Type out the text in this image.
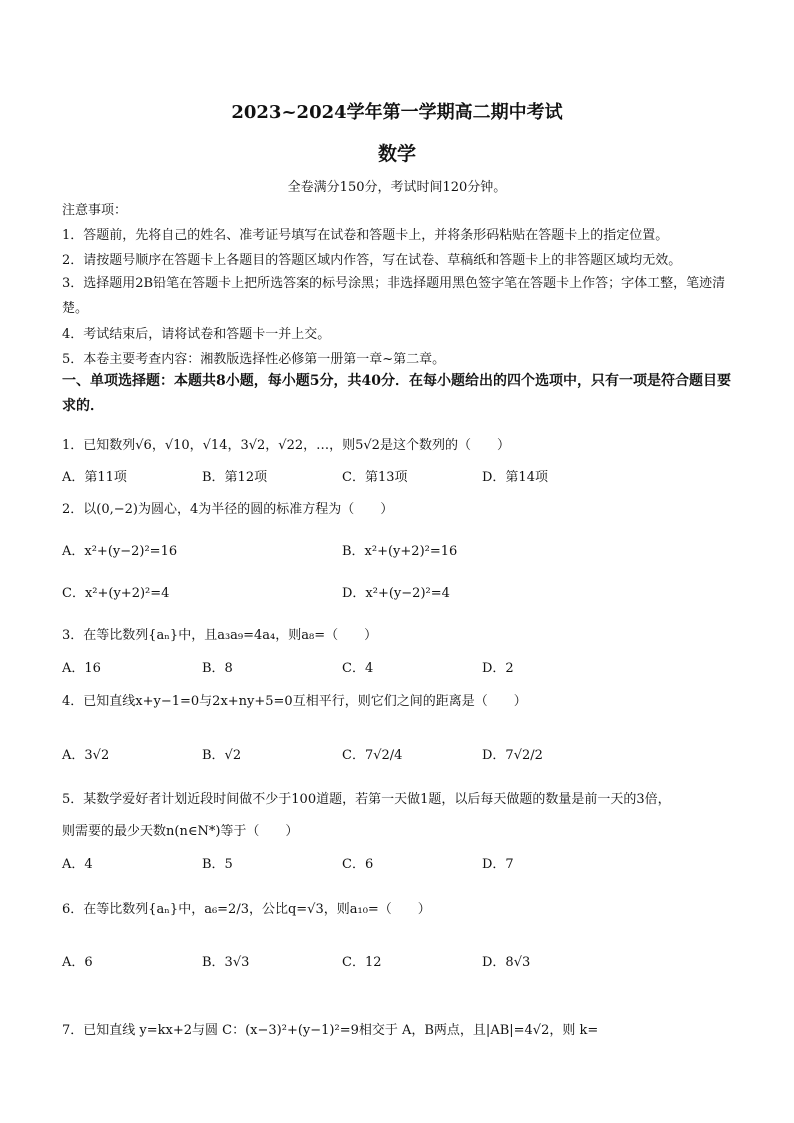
2023~2024学年第一学期高二期中考试
数学
全卷满分150分，考试时间120分钟。
注意事项：
1．答题前，先将自己的姓名、准考证号填写在试卷和答题卡上，并将条形码粘贴在答题卡上的指定位置。
2．请按题号顺序在答题卡上各题目的答题区域内作答，写在试卷、草稿纸和答题卡上的非答题区域均无效。
3．选择题用2B铅笔在答题卡上把所选答案的标号涂黑；非选择题用黑色签字笔在答题卡上作答；字体工整，笔迹清楚。
4．考试结束后，请将试卷和答题卡一并上交。
5．本卷主要考查内容：湘教版选择性必修第一册第一章~第二章。
一、单项选择题：本题共8小题，每小题5分，共40分．在每小题给出的四个选项中，只有一项是符合题目要求的．
1．已知数列√6，√10，√14，3√2，√22，…，则5√2是这个数列的（　　）
A．第11项	B．第12项	C．第13项	D．第14项
2．以(0,−2)为圆心，4为半径的圆的标准方程为（　　）
A．x²+(y−2)²=16	B．x²+(y+2)²=16
C．x²+(y+2)²=4	D．x²+(y−2)²=4
3．在等比数列{aₙ}中，且a₃a₉=4a₄，则a₈=（　　）
A．16	B．8	C．4	D．2
4．已知直线x+y−1=0与2x+ny+5=0互相平行，则它们之间的距离是（　　）
A．3√2	B．√2	C．7√2/4	D．7√2/2
5．某数学爱好者计划近段时间做不少于100道题，若第一天做1题，以后每天做题的数量是前一天的3倍，
则需要的最少天数n(n∈N*)等于（　　）
A．4	B．5	C．6	D．7
6．在等比数列{aₙ}中，a₆=2/3，公比q=√3，则a₁₀=（　　）
A．6	B．3√3	C．12	D．8√3
7．已知直线 y=kx+2与圆 C：(x−3)²+(y−1)²=9相交于 A，B两点，且|AB|=4√2，则 k=
